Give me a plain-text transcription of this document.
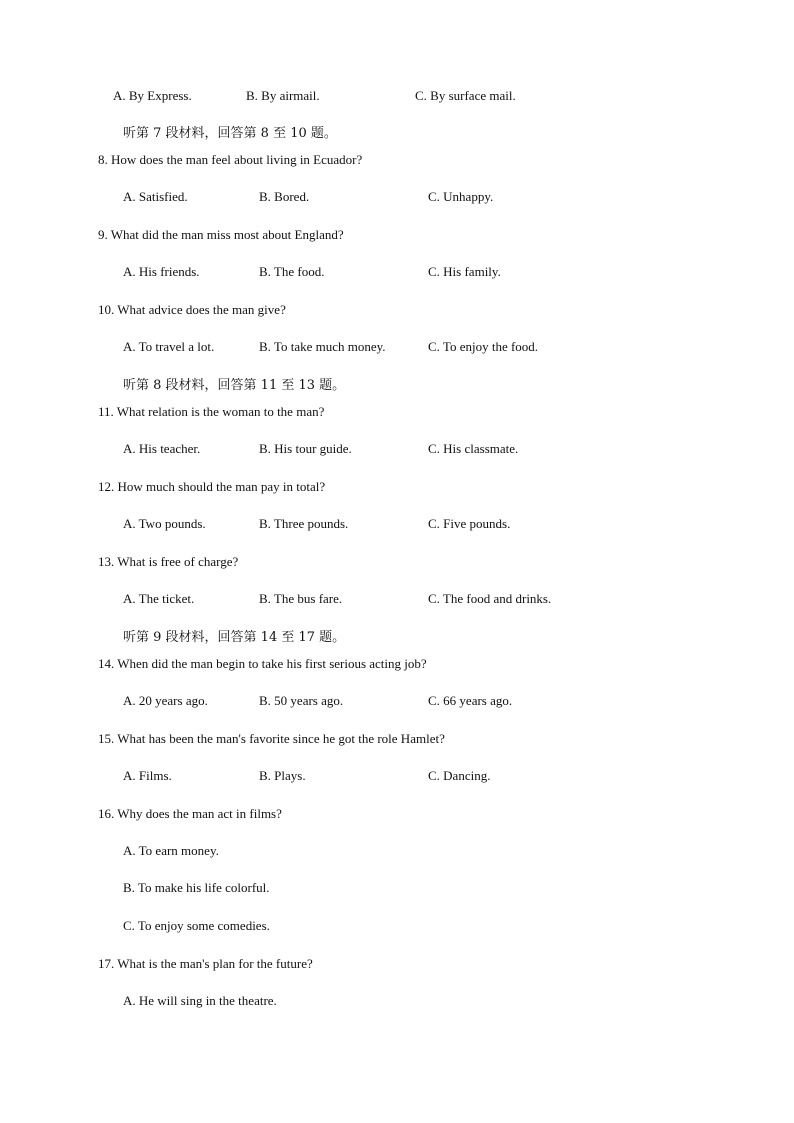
A. By Express.	B. By airmail.	C. By surface mail.
听第 7 段材料，回答第 8 至 10 题。
8. How does the man feel about living in Ecuador?
A. Satisfied.	B. Bored.	C. Unhappy.
9. What did the man miss most about England?
A. His friends.	B. The food.	C. His family.
10. What advice does the man give?
A. To travel a lot.	B. To take much money.	C. To enjoy the food.
听第 8 段材料，回答第 11 至 13 题。
11. What relation is the woman to the man?
A. His teacher.	B. His tour guide.	C. His classmate.
12. How much should the man pay in total?
A. Two pounds.	B. Three pounds.	C. Five pounds.
13. What is free of charge?
A. The ticket.	B. The bus fare.	C. The food and drinks.
听第 9 段材料，回答第 14 至 17 题。
14. When did the man begin to take his first serious acting job?
A. 20 years ago.	B. 50 years ago.	C. 66 years ago.
15. What has been the man's favorite since he got the role Hamlet?
A. Films.	B. Plays.	C. Dancing.
16. Why does the man act in films?
A. To earn money.
B. To make his life colorful.
C. To enjoy some comedies.
17. What is the man's plan for the future?
A. He will sing in the theatre.
